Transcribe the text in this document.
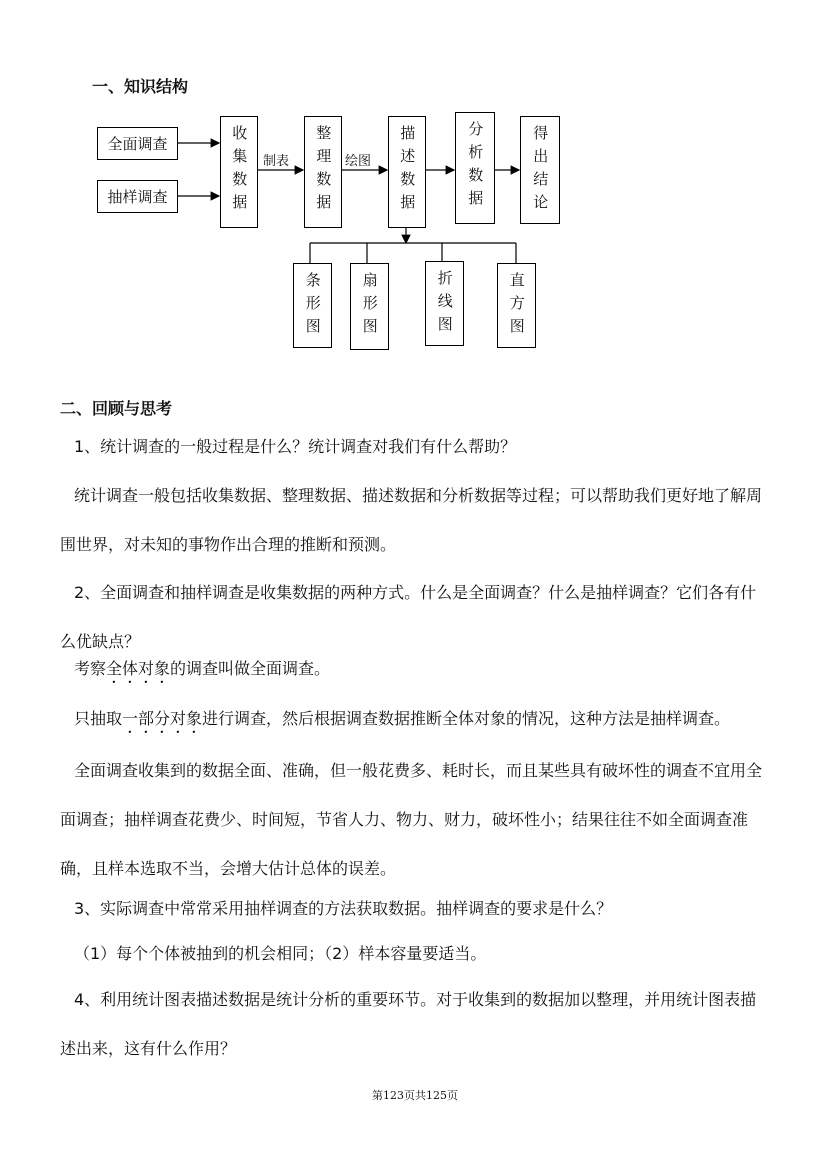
一、知识结构
全面调查
抽样调查
制表	绘图
收集数据	整理数据	描述数据	分析数据	得出结论
条形图	扇形图	折线图	直方图
二、回顾与思考

1、统计调查的一般过程是什么？统计调查对我们有什么帮助？

统计调查一般包括收集数据、整理数据、描述数据和分析数据等过程；可以帮助我们更好地了解周围世界，对未知的事物作出合理的推断和预测。

2、全面调查和抽样调查是收集数据的两种方式。什么是全面调查？什么是抽样调查？它们各有什么优缺点？

考察全体对象的调查叫做全面调查。

只抽取一部分对象进行调查，然后根据调查数据推断全体对象的情况，这种方法是抽样调查。

全面调查收集到的数据全面、准确，但一般花费多、耗时长，而且某些具有破坏性的调查不宜用全面调查；抽样调查花费少、时间短，节省人力、物力、财力，破坏性小；结果往往不如全面调查准确，且样本选取不当，会增大估计总体的误差。

3、实际调查中常常采用抽样调查的方法获取数据。抽样调查的要求是什么？

（1）每个个体被抽到的机会相同；（2）样本容量要适当。

4、利用统计图表描述数据是统计分析的重要环节。对于收集到的数据加以整理，并用统计图表描述出来，这有什么作用？

第123页共125页
